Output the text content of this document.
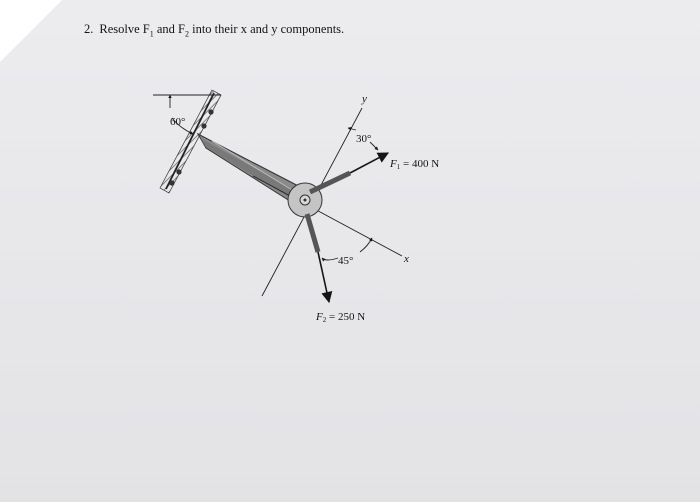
2. Resolve $F_1$ and $F_2$ into their x and y components.
60°
30°
45°
y
x
F1 = 400 N
F2 = 250 N
